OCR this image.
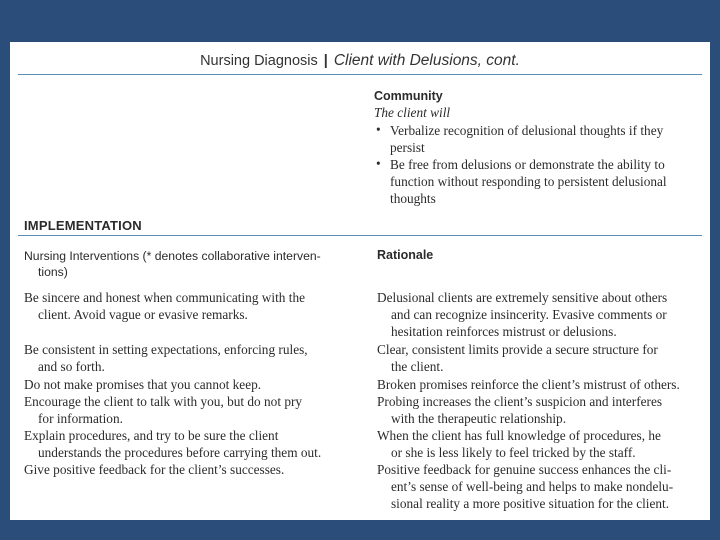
Nursing Diagnosis | Client with Delusions, cont.
Community
The client will
• Verbalize recognition of delusional thoughts if they
persist
• Be free from delusions or demonstrate the ability to
function without responding to persistent delusional
thoughts
IMPLEMENTATION
Nursing Interventions (* denotes collaborative interven-
tions)
Rationale
Be sincere and honest when communicating with the
client. Avoid vague or evasive remarks.
Be consistent in setting expectations, enforcing rules,
and so forth.
Do not make promises that you cannot keep.
Encourage the client to talk with you, but do not pry
for information.
Explain procedures, and try to be sure the client
understands the procedures before carrying them out.
Give positive feedback for the client’s successes.
Delusional clients are extremely sensitive about others
and can recognize insincerity. Evasive comments or
hesitation reinforces mistrust or delusions.
Clear, consistent limits provide a secure structure for
the client.
Broken promises reinforce the client’s mistrust of others.
Probing increases the client’s suspicion and interferes
with the therapeutic relationship.
When the client has full knowledge of procedures, he
or she is less likely to feel tricked by the staff.
Positive feedback for genuine success enhances the cli-
ent’s sense of well-being and helps to make nondelu-
sional reality a more positive situation for the client.
